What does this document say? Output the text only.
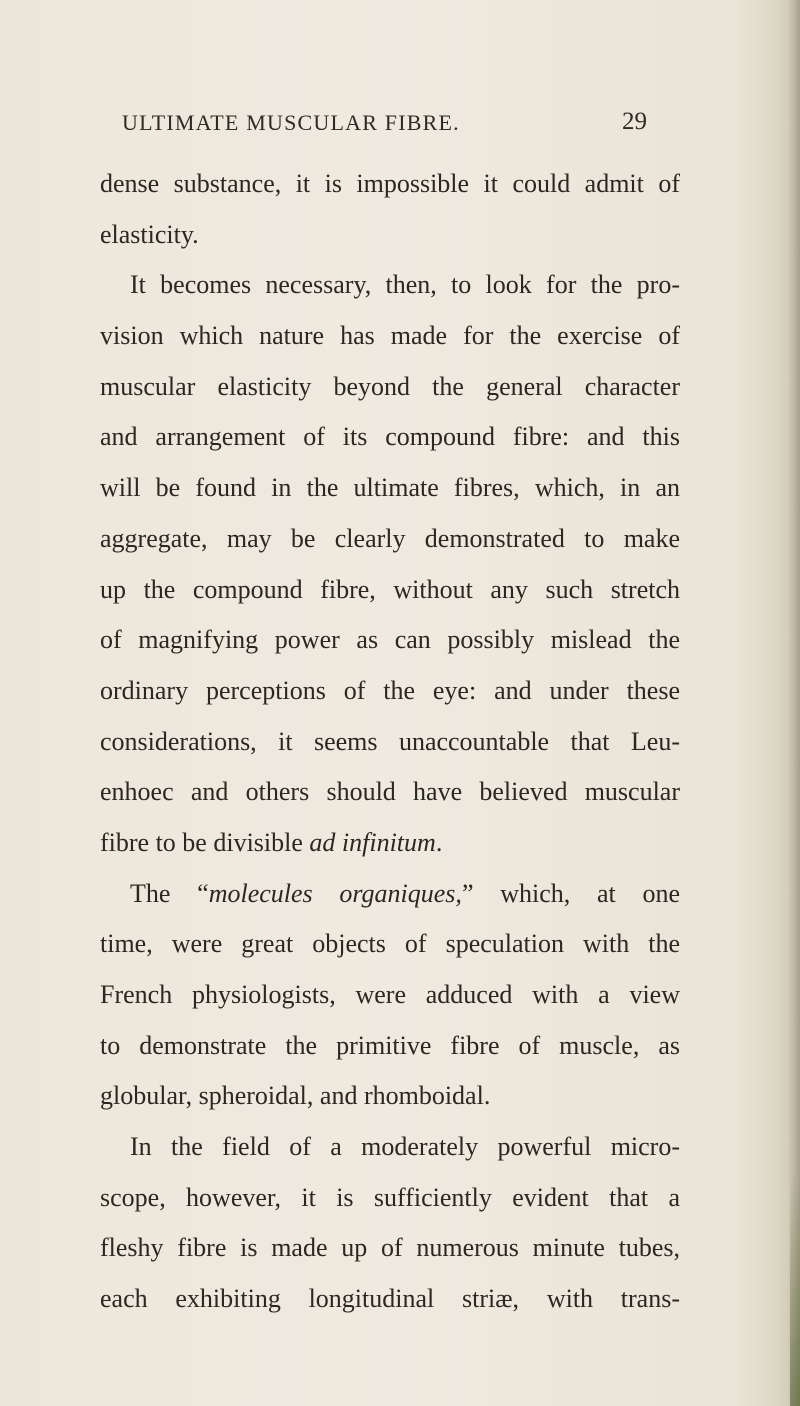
ULTIMATE MUSCULAR FIBRE.	29
dense substance, it is impossible it could admit of
elasticity.
It becomes necessary, then, to look for the pro-
vision which nature has made for the exercise of
muscular elasticity beyond the general character
and arrangement of its compound fibre: and this
will be found in the ultimate fibres, which, in an
aggregate, may be clearly demonstrated to make
up the compound fibre, without any such stretch
of magnifying power as can possibly mislead the
ordinary perceptions of the eye: and under these
considerations, it seems unaccountable that Leu-
enhoec and others should have believed muscular
fibre to be divisible ad infinitum.
The “molecules organiques,” which, at one
time, were great objects of speculation with the
French physiologists, were adduced with a view
to demonstrate the primitive fibre of muscle, as
globular, spheroidal, and rhomboidal.
In the field of a moderately powerful micro-
scope, however, it is sufficiently evident that a
fleshy fibre is made up of numerous minute tubes,
each exhibiting longitudinal striæ, with trans-
